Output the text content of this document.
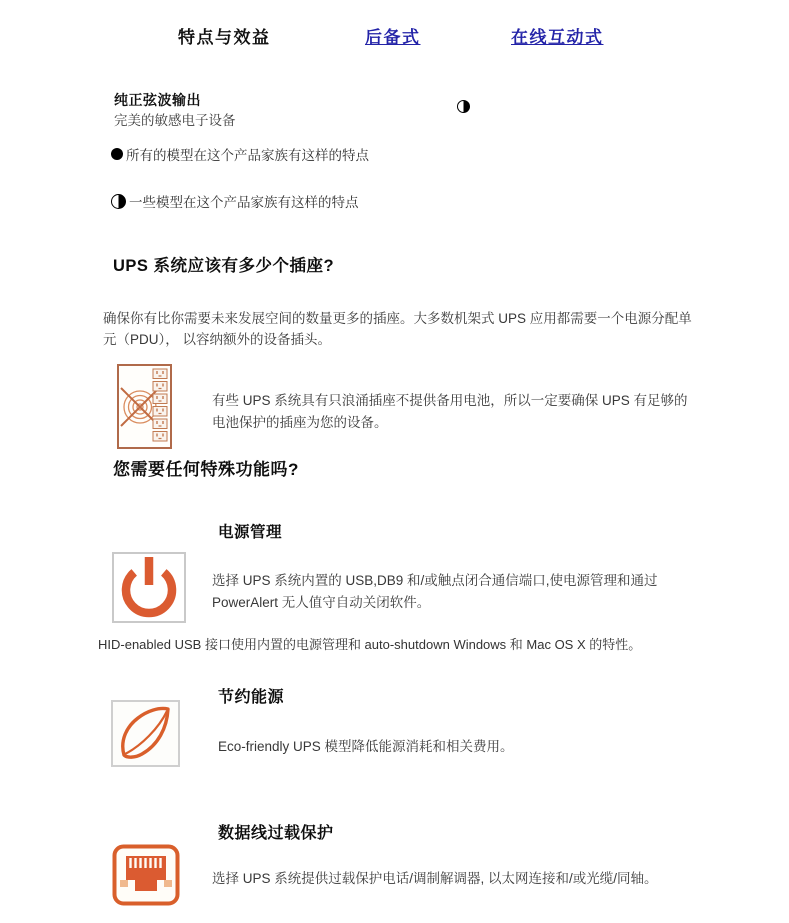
特点与效益	后备式	在线互动式
纯正弦波输出
完美的敏感电子设备
所有的模型在这个产品家族有这样的特点
一些模型在这个产品家族有这样的特点
UPS 系统应该有多少个插座?
确保你有比你需要未来发展空间的数量更多的插座。大多数机架式 UPS 应用都需要一个电源分配单元（PDU）， 以容纳额外的设备插头。
有些 UPS 系统具有只浪涌插座不提供备用电池，所以一定要确保 UPS 有足够的电池保护的插座为您的设备。
您需要任何特殊功能吗?
电源管理
选择 UPS 系统内置的 USB,DB9 和/或触点闭合通信端口,使电源管理和通过 PowerAlert 无人值守自动关闭软件。
HID-enabled USB 接口使用内置的电源管理和 auto-shutdown Windows 和 Mac OS X 的特性。
节约能源
Eco-friendly UPS 模型降低能源消耗和相关费用。
数据线过载保护
选择 UPS 系统提供过载保护电话/调制解调器, 以太网连接和/或光缆/同轴。
